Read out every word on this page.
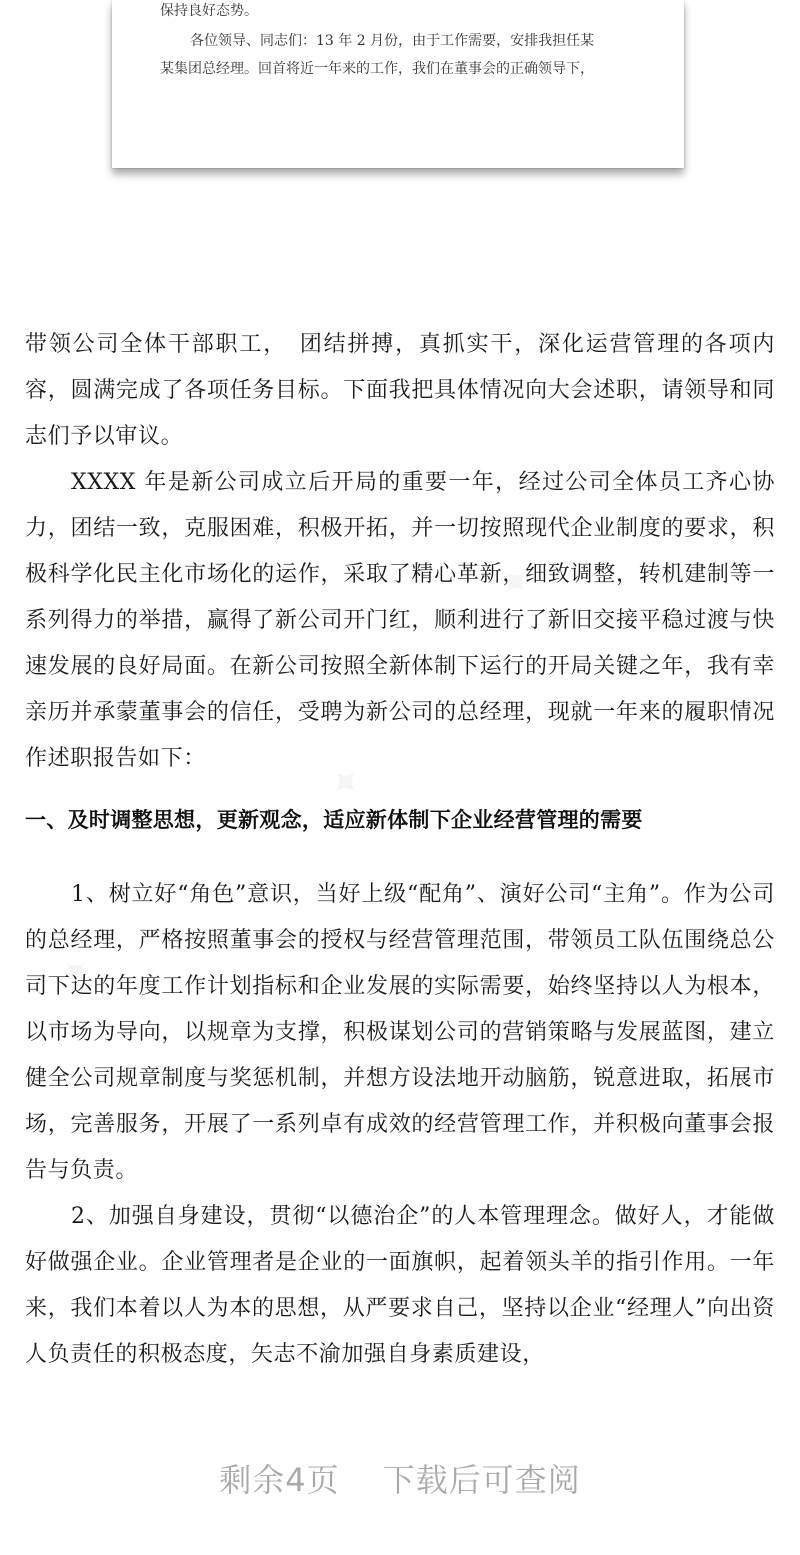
保持良好态势。

各位领导、同志们：13 年 2 月份，由于工作需要，安排我担任某

某集团总经理。回首将近一年来的工作，我们在董事会的正确领导下，

带领公司全体干部职工，　团结拼搏，真抓实干，深化运营管理的各项内容，圆满完成了各项任务目标。下面我把具体情况向大会述职，请领导和同志们予以审议。

XXXX 年是新公司成立后开局的重要一年，经过公司全体员工齐心协力，团结一致，克服困难，积极开拓，并一切按照现代企业制度的要求，积极科学化民主化市场化的运作，采取了精心革新，细致调整，转机建制等一系列得力的举措，赢得了新公司开门红，顺利进行了新旧交接平稳过渡与快速发展的良好局面。在新公司按照全新体制下运行的开局关键之年，我有幸亲历并承蒙董事会的信任，受聘为新公司的总经理，现就一年来的履职情况作述职报告如下：

一、及时调整思想，更新观念，适应新体制下企业经营管理的需要

1、树立好“角色”意识，当好上级“配角”、演好公司“主角”。作为公司的总经理，严格按照董事会的授权与经营管理范围，带领员工队伍围绕总公司下达的年度工作计划指标和企业发展的实际需要，始终坚持以人为根本，以市场为导向，以规章为支撑，积极谋划公司的营销策略与发展蓝图，建立健全公司规章制度与奖惩机制，并想方设法地开动脑筋，锐意进取，拓展市场，完善服务，开展了一系列卓有成效的经营管理工作，并积极向董事会报告与负责。

2、加强自身建设，贯彻“以德治企”的人本管理理念。做好人，才能做好做强企业。企业管理者是企业的一面旗帜，起着领头羊的指引作用。一年来，我们本着以人为本的思想，从严要求自己，坚持以企业“经理人”向出资人负责任的积极态度，矢志不渝加强自身素质建设，

剩余4页 下载后可查阅
